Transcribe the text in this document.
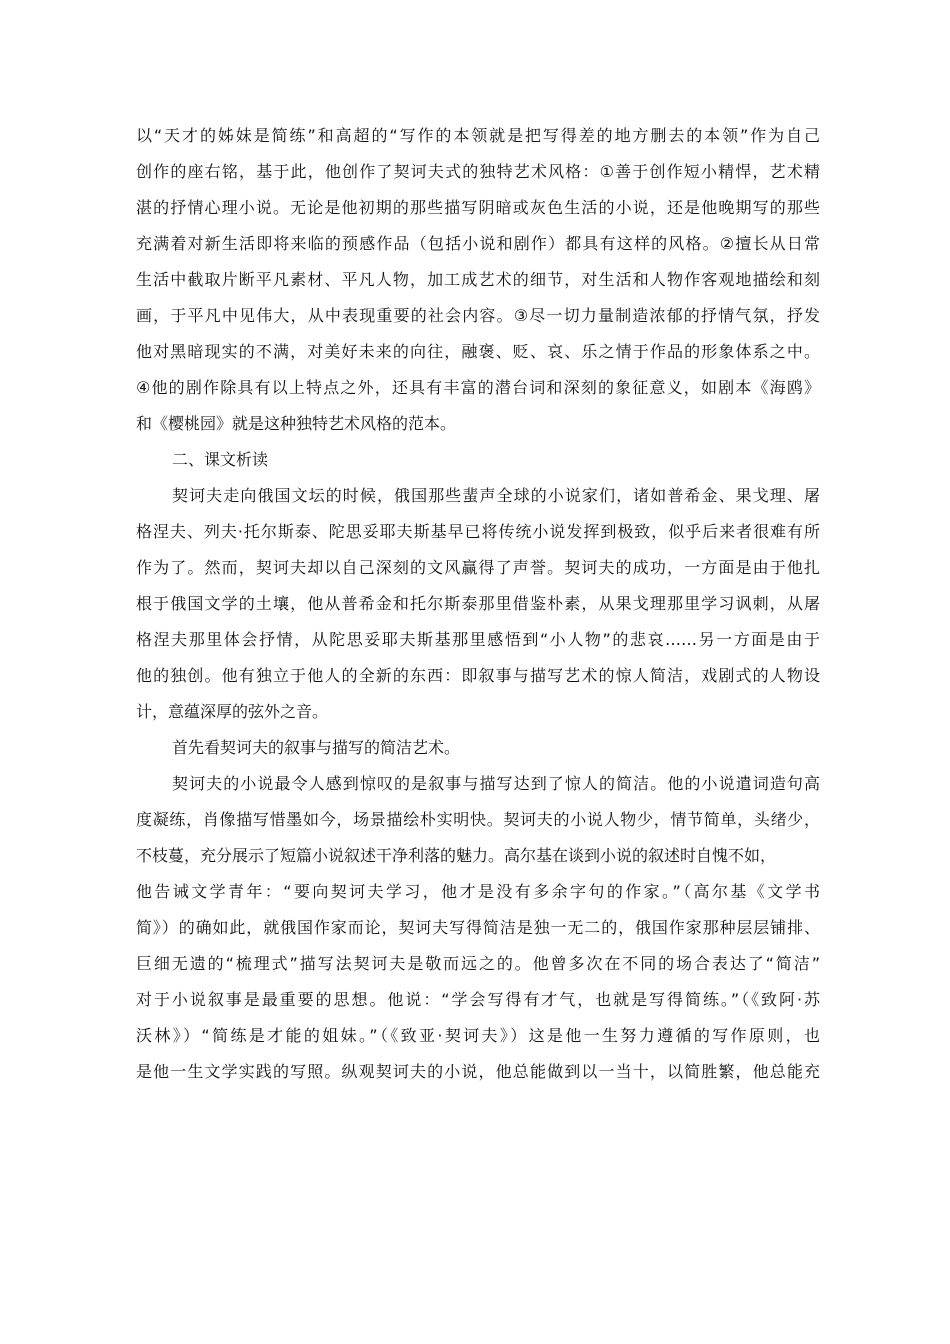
以“天才的姊妹是简练”和高超的“写作的本领就是把写得差的地方删去的本领”作为自己
创作的座右铭，基于此，他创作了契诃夫式的独特艺术风格：①善于创作短小精悍，艺术精
湛的抒情心理小说。无论是他初期的那些描写阴暗或灰色生活的小说，还是他晚期写的那些
充满着对新生活即将来临的预感作品（包括小说和剧作）都具有这样的风格。②擅长从日常
生活中截取片断平凡素材、平凡人物，加工成艺术的细节，对生活和人物作客观地描绘和刻
画，于平凡中见伟大，从中表现重要的社会内容。③尽一切力量制造浓郁的抒情气氛，抒发
他对黑暗现实的不满，对美好未来的向往，融褒、贬、哀、乐之情于作品的形象体系之中。
④他的剧作除具有以上特点之外，还具有丰富的潜台词和深刻的象征意义，如剧本《海鸥》
和《樱桃园》就是这种独特艺术风格的范本。
二、课文析读
契诃夫走向俄国文坛的时候，俄国那些蜚声全球的小说家们，诸如普希金、果戈理、屠
格涅夫、列夫·托尔斯泰、陀思妥耶夫斯基早已将传统小说发挥到极致，似乎后来者很难有所
作为了。然而，契诃夫却以自己深刻的文风赢得了声誉。契诃夫的成功，一方面是由于他扎
根于俄国文学的土壤，他从普希金和托尔斯泰那里借鉴朴素，从果戈理那里学习讽刺，从屠
格涅夫那里体会抒情，从陀思妥耶夫斯基那里感悟到“小人物”的悲哀……另一方面是由于
他的独创。他有独立于他人的全新的东西：即叙事与描写艺术的惊人简洁，戏剧式的人物设
计，意蕴深厚的弦外之音。
首先看契诃夫的叙事与描写的简洁艺术。
契诃夫的小说最令人感到惊叹的是叙事与描写达到了惊人的简洁。他的小说遣词造句高
度凝练，肖像描写惜墨如今，场景描绘朴实明快。契诃夫的小说人物少，情节简单，头绪少，
不枝蔓，充分展示了短篇小说叙述干净利落的魅力。高尔基在谈到小说的叙述时自愧不如，
他告诫文学青年：“要向契诃夫学习，他才是没有多余字句的作家。”（高尔基《文学书
简》）的确如此，就俄国作家而论，契诃夫写得简洁是独一无二的，俄国作家那种层层铺排、
巨细无遗的“梳理式”描写法契诃夫是敬而远之的。他曾多次在不同的场合表达了“简洁”
对于小说叙事是最重要的思想。他说：“学会写得有才气，也就是写得简练。”（《致阿·苏
沃林》）“简练是才能的姐妹。”（《致亚·契诃夫》）这是他一生努力遵循的写作原则，也
是他一生文学实践的写照。纵观契诃夫的小说，他总能做到以一当十，以简胜繁，他总能充
